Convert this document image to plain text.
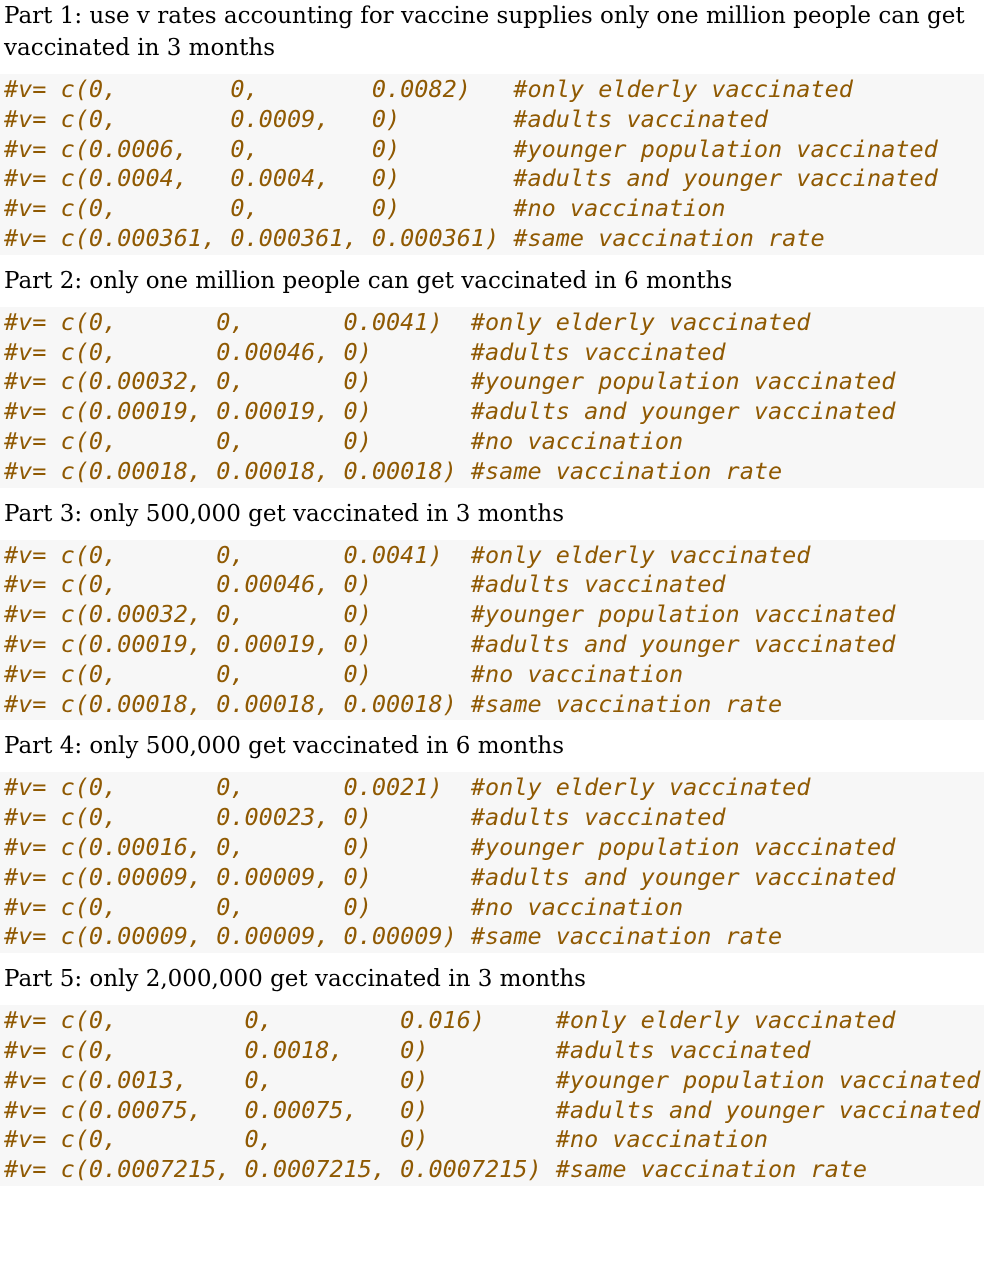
Part 1: use v rates accounting for vaccine supplies only one million people can get vaccinated in 3 months

#v= c(0,        0,        0.0082)   #only elderly vaccinated
#v= c(0,        0.0009,   0)        #adults vaccinated
#v= c(0.0006,   0,        0)        #younger population vaccinated
#v= c(0.0004,   0.0004,   0)        #adults and younger vaccinated
#v= c(0,        0,        0)        #no vaccination
#v= c(0.000361, 0.000361, 0.000361) #same vaccination rate

Part 2: only one million people can get vaccinated in 6 months

#v= c(0,       0,       0.0041)  #only elderly vaccinated
#v= c(0,       0.00046, 0)       #adults vaccinated
#v= c(0.00032, 0,       0)       #younger population vaccinated
#v= c(0.00019, 0.00019, 0)       #adults and younger vaccinated
#v= c(0,       0,       0)       #no vaccination
#v= c(0.00018, 0.00018, 0.00018) #same vaccination rate

Part 3: only 500,000 get vaccinated in 3 months

#v= c(0,       0,       0.0041)  #only elderly vaccinated
#v= c(0,       0.00046, 0)       #adults vaccinated
#v= c(0.00032, 0,       0)       #younger population vaccinated
#v= c(0.00019, 0.00019, 0)       #adults and younger vaccinated
#v= c(0,       0,       0)       #no vaccination
#v= c(0.00018, 0.00018, 0.00018) #same vaccination rate

Part 4: only 500,000 get vaccinated in 6 months

#v= c(0,       0,       0.0021)  #only elderly vaccinated
#v= c(0,       0.00023, 0)       #adults vaccinated
#v= c(0.00016, 0,       0)       #younger population vaccinated
#v= c(0.00009, 0.00009, 0)       #adults and younger vaccinated
#v= c(0,       0,       0)       #no vaccination
#v= c(0.00009, 0.00009, 0.00009) #same vaccination rate

Part 5: only 2,000,000 get vaccinated in 3 months

#v= c(0,         0,         0.016)     #only elderly vaccinated
#v= c(0,         0.0018,    0)         #adults vaccinated
#v= c(0.0013,    0,         0)         #younger population vaccinated
#v= c(0.00075,   0.00075,   0)         #adults and younger vaccinated
#v= c(0,         0,         0)         #no vaccination
#v= c(0.0007215, 0.0007215, 0.0007215) #same vaccination rate
